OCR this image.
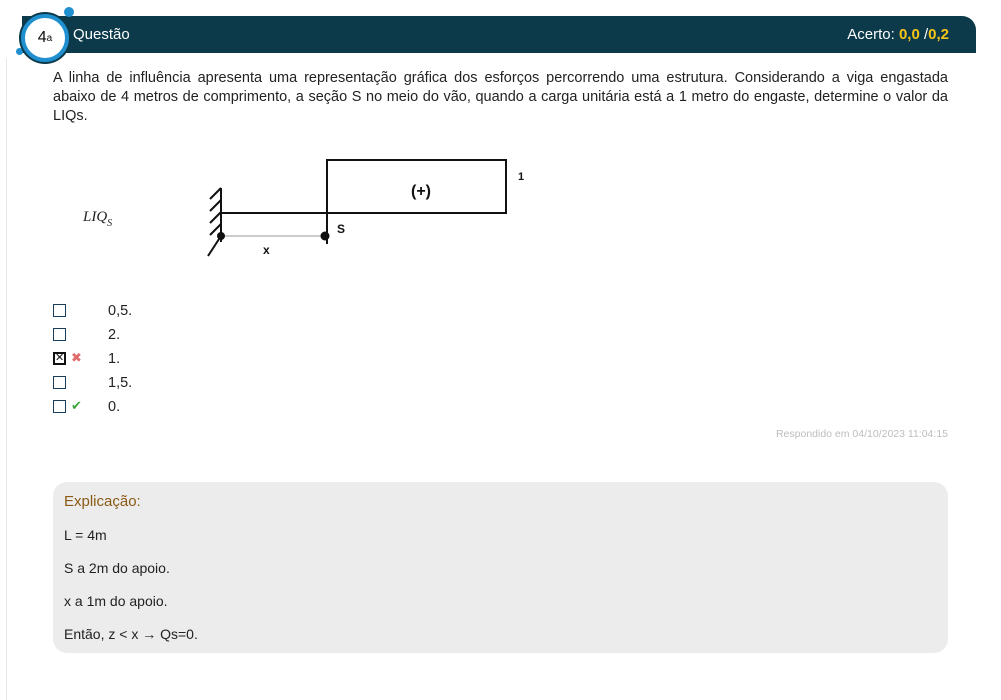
Questão	Acerto: 0,0 /0,2
4 a
A linha de influência apresenta uma representação gráfica dos esforços percorrendo uma estrutura. Considerando a viga engastada abaixo de 4 metros de comprimento, a seção S no meio do vão, quando a carga unitária está a 1 metro do engaste, determine o valor da LIQs.
$LIQ_S$
(+)
1
S
x
0,5.
2.
✕
✖ 1.
1,5.
✔ 0.
Respondido em 04/10/2023 11:04:15
Explicação:
L = 4m
S a 2m do apoio.
x a 1m do apoio.
Então, z < x → Qs=0.
